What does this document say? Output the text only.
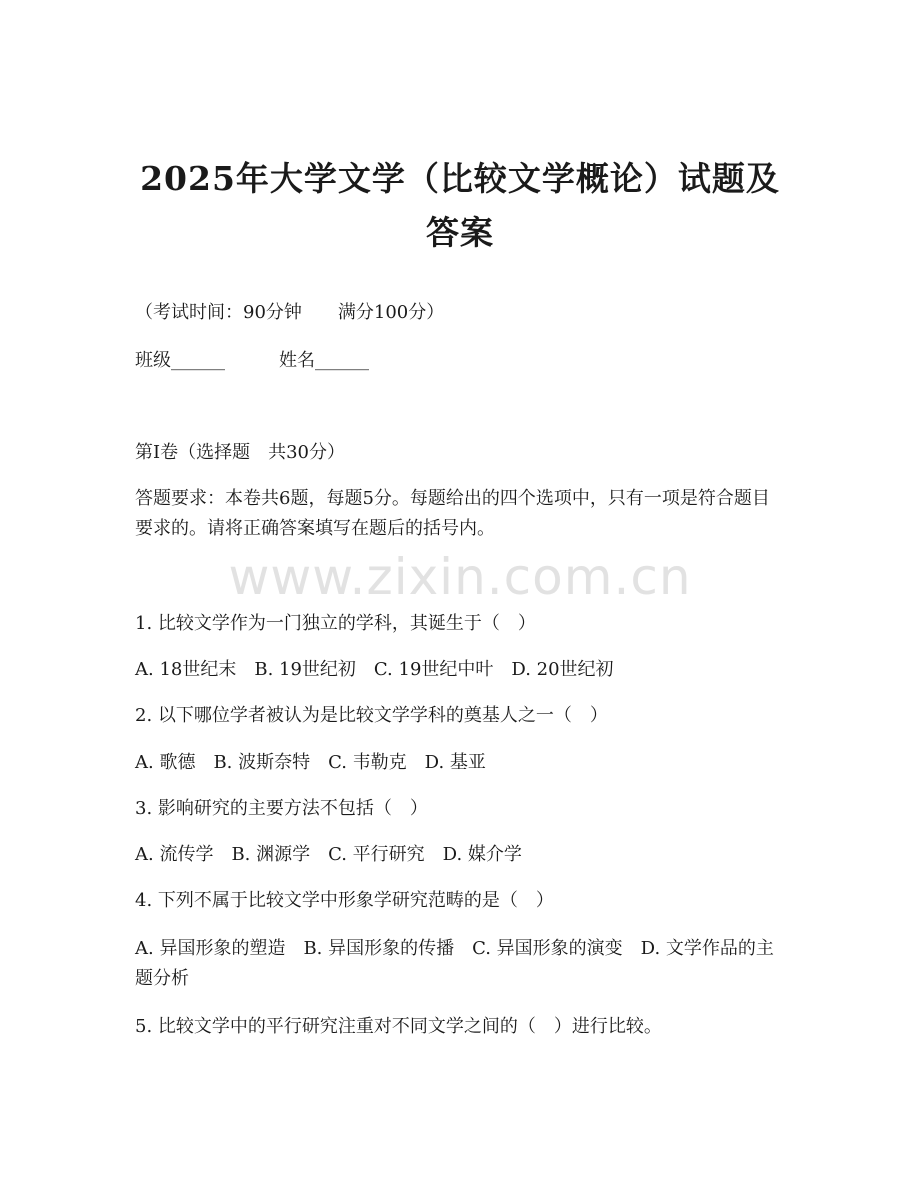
2025年大学文学（比较文学概论）试题及答案
（考试时间：90分钟　　满分100分）
班级______　　　姓名______
第I卷（选择题　共30分）
答题要求：本卷共6题，每题5分。每题给出的四个选项中，只有一项是符合题目要求的。请将正确答案填写在题后的括号内。
www.zixin.com.cn
1. 比较文学作为一门独立的学科，其诞生于（　）
A. 18世纪末　B. 19世纪初　C. 19世纪中叶　D. 20世纪初
2. 以下哪位学者被认为是比较文学学科的奠基人之一（　）
A. 歌德　B. 波斯奈特　C. 韦勒克　D. 基亚
3. 影响研究的主要方法不包括（　）
A. 流传学　B. 渊源学　C. 平行研究　D. 媒介学
4. 下列不属于比较文学中形象学研究范畴的是（　）
A. 异国形象的塑造　B. 异国形象的传播　C. 异国形象的演变　D. 文学作品的主题分析
5. 比较文学中的平行研究注重对不同文学之间的（　）进行比较。
